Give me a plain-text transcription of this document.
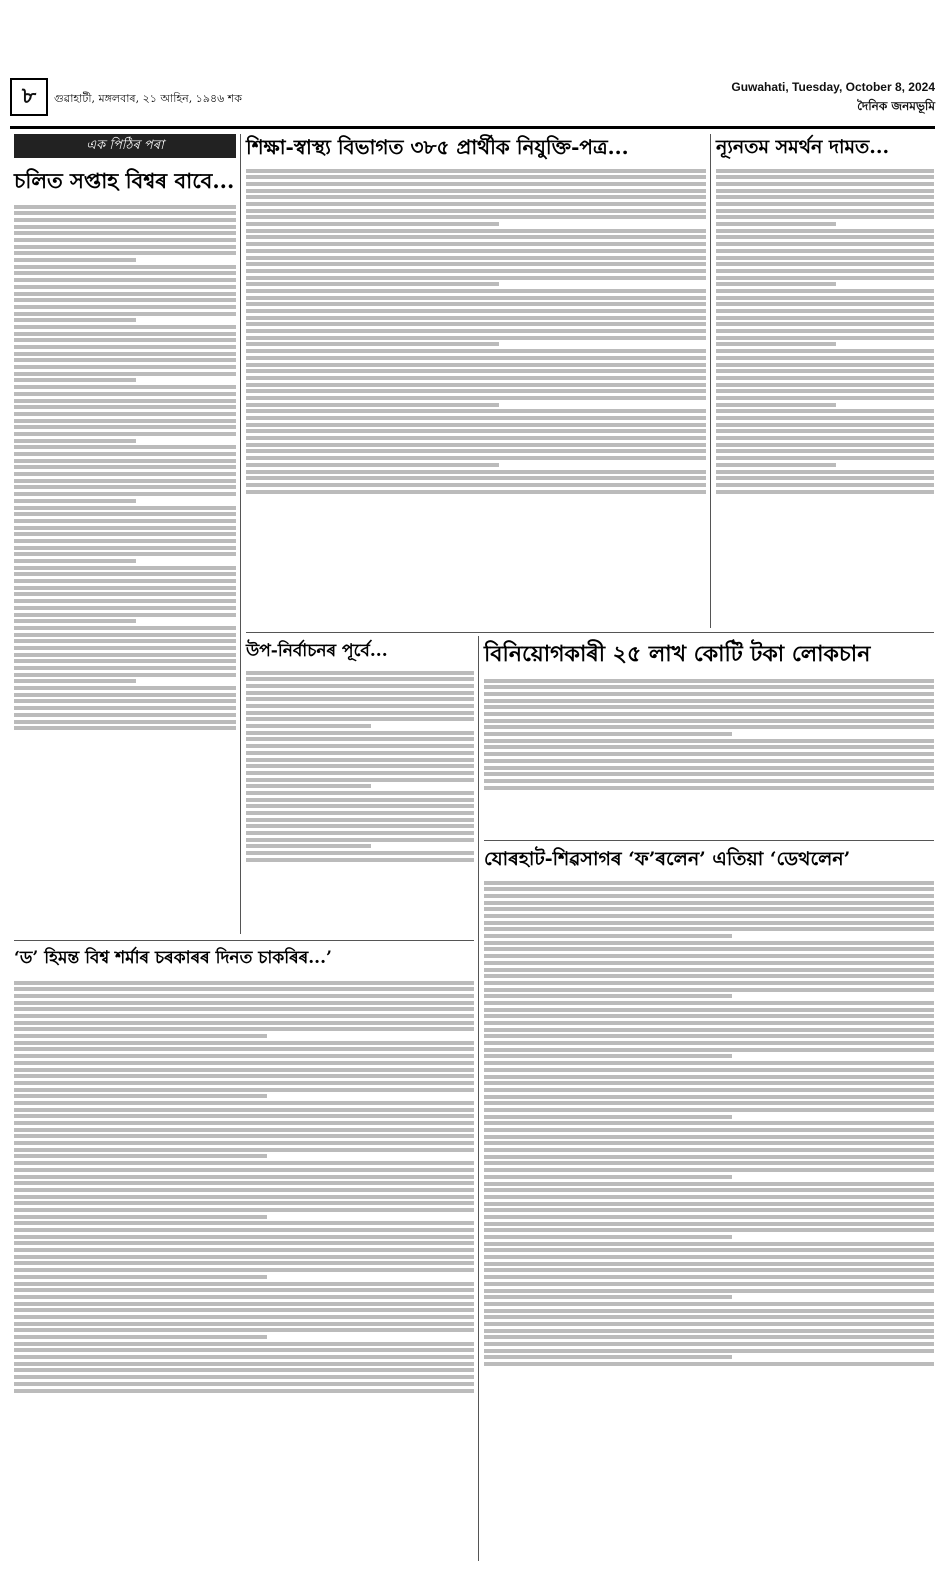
৮	গুৱাহাটী, মঙ্গলবাৰ, ২১ আহিন, ১৯৪৬ শক
Guwahati, Tuesday, October 8, 2024
দৈনিক জনমভূমি
এক পিঠিৰ পৰা
চলিত সপ্তাহ বিশ্বৰ বাবে...
শিক্ষা-স্বাস্থ্য বিভাগত ৩৮৫ প্ৰাৰ্থীক নিযুক্তি-পত্ৰ...	ন্যূনতম সমৰ্থন দামত...
উপ-নিৰ্বাচনৰ পূৰ্বে...	বিনিয়োগকাৰী ২৫ লাখ কোটি টকা লোকচান
যোৰহাট-শিৱসাগৰ ‘ফ’ৰলেন’ এতিয়া ‘ডেথলেন’
‘ড’ হিমন্ত বিশ্ব শৰ্মাৰ চৰকাৰৰ দিনত চাকৰিৰ...’
